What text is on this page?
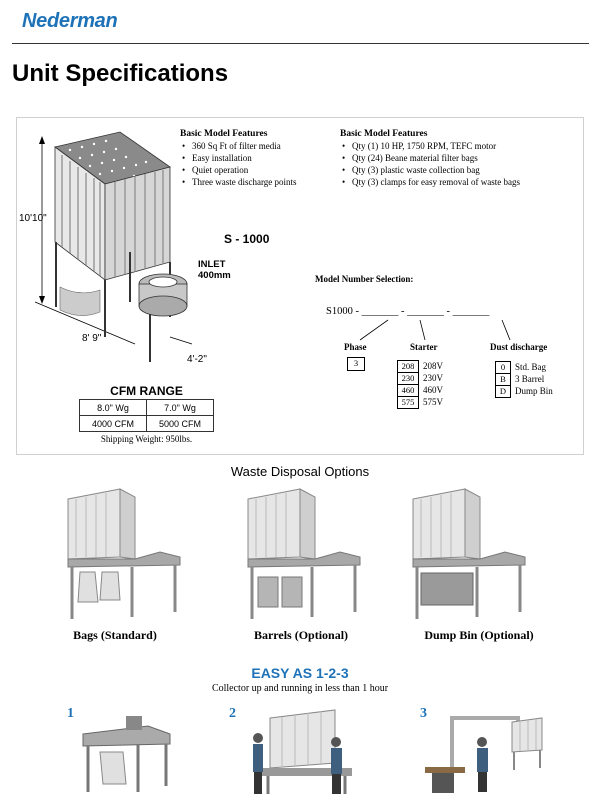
Nederman
Unit Specifications
10'10"
8' 9"
4'-2"
INLET
400mm
S - 1000
Basic Model Features
• 360 Sq Ft of filter media
• Easy installation
• Quiet operation
• Three waste discharge points
Basic Model Features
• Qty (1) 10 HP, 1750 RPM, TEFC motor
• Qty (24) Beane material filter bags
• Qty (3) plastic waste collection bag
• Qty (3) clamps for easy removal of waste bags
Model Number Selection:
S1000 - _______ - _______ - _______
Phase
3
Starter
208 208V
230 230V
460 460V
575 575V
Dust discharge
0 Std. Bag
B 3 Barrel
D Dump Bin
CFM RANGE
8.0" Wg	7.0" Wg
4000 CFM	5000 CFM
Shipping Weight: 950lbs.
Waste Disposal Options
Bags (Standard)	Barrels (Optional)	Dump Bin (Optional)
EASY AS 1-2-3
Collector up and running in less than 1 hour
1	2	3
